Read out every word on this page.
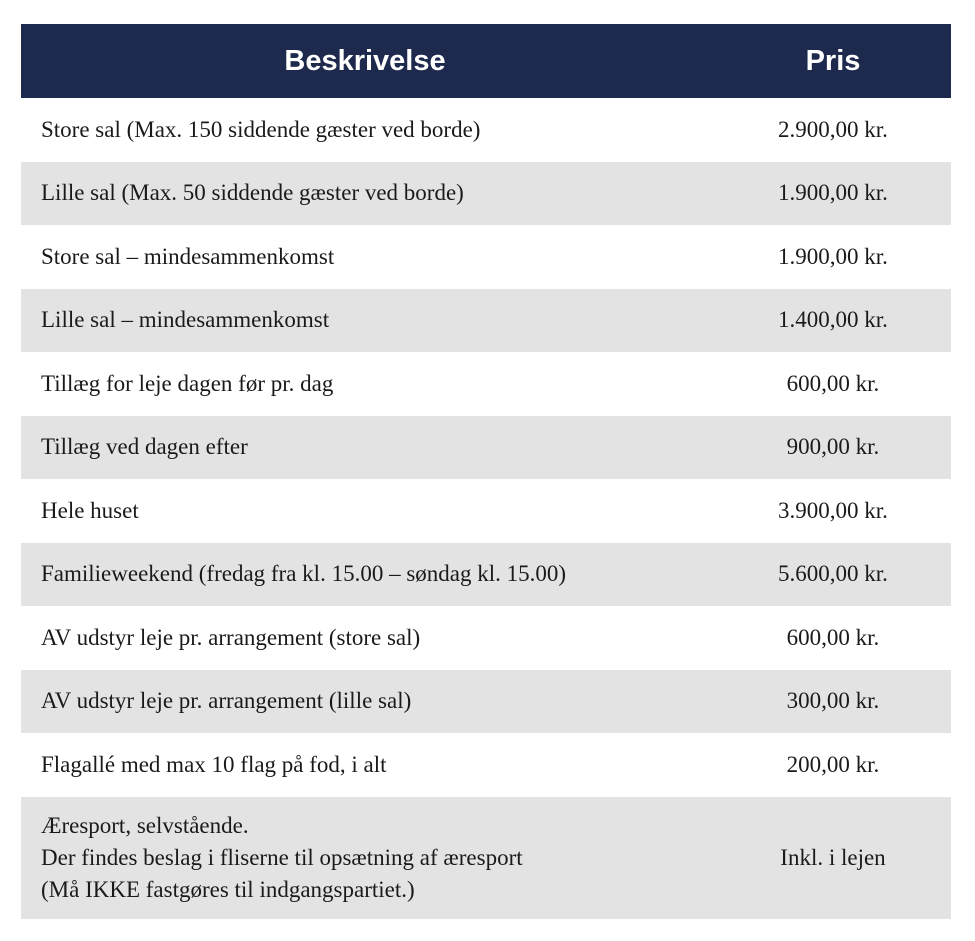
Beskrivelse	Pris
Store sal (Max. 150 siddende gæster ved borde)	2.900,00 kr.
Lille sal (Max. 50 siddende gæster ved borde)	1.900,00 kr.
Store sal – mindesammenkomst	1.900,00 kr.
Lille sal – mindesammenkomst	1.400,00 kr.
Tillæg for leje dagen før pr. dag	600,00 kr.
Tillæg ved dagen efter	900,00 kr.
Hele huset	3.900,00 kr.
Familieweekend (fredag fra kl. 15.00 – søndag kl. 15.00)	5.600,00 kr.
AV udstyr leje pr. arrangement (store sal)	600,00 kr.
AV udstyr leje pr. arrangement (lille sal)	300,00 kr.
Flagallé med max 10 flag på fod, i alt	200,00 kr.

Æresport, selvstående.
Der findes beslag i fliserne til opsætning af æresport
(Må IKKE fastgøres til indgangspartiet.)	Inkl. i lejen
